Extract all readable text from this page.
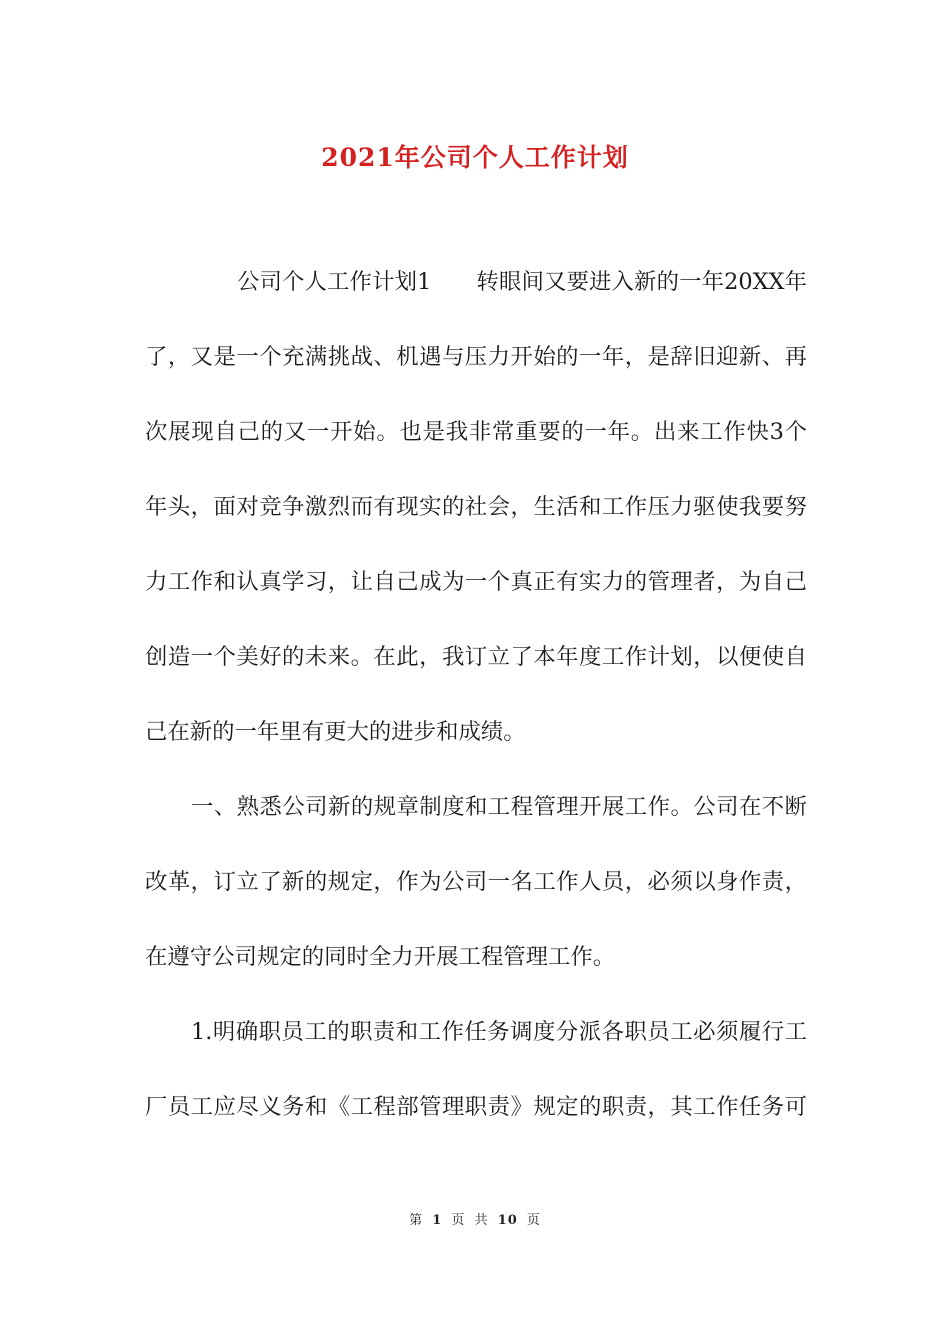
2021年公司个人工作计划
公司个人工作计划1　　转眼间又要进入新的一年20XX年
了，又是一个充满挑战、机遇与压力开始的一年，是辞旧迎新、再
次展现自己的又一开始。也是我非常重要的一年。出来工作快3个
年头，面对竞争激烈而有现实的社会，生活和工作压力驱使我要努
力工作和认真学习，让自己成为一个真正有实力的管理者，为自己
创造一个美好的未来。在此，我订立了本年度工作计划，以便使自
己在新的一年里有更大的进步和成绩。
一、熟悉公司新的规章制度和工程管理开展工作。公司在不断
改革，订立了新的规定，作为公司一名工作人员，必须以身作责，
在遵守公司规定的同时全力开展工程管理工作。
1.明确职员工的职责和工作任务调度分派各职员工必须履行工
厂员工应尽义务和《工程部管理职责》规定的职责，其工作任务可
第 1 页 共 10 页
